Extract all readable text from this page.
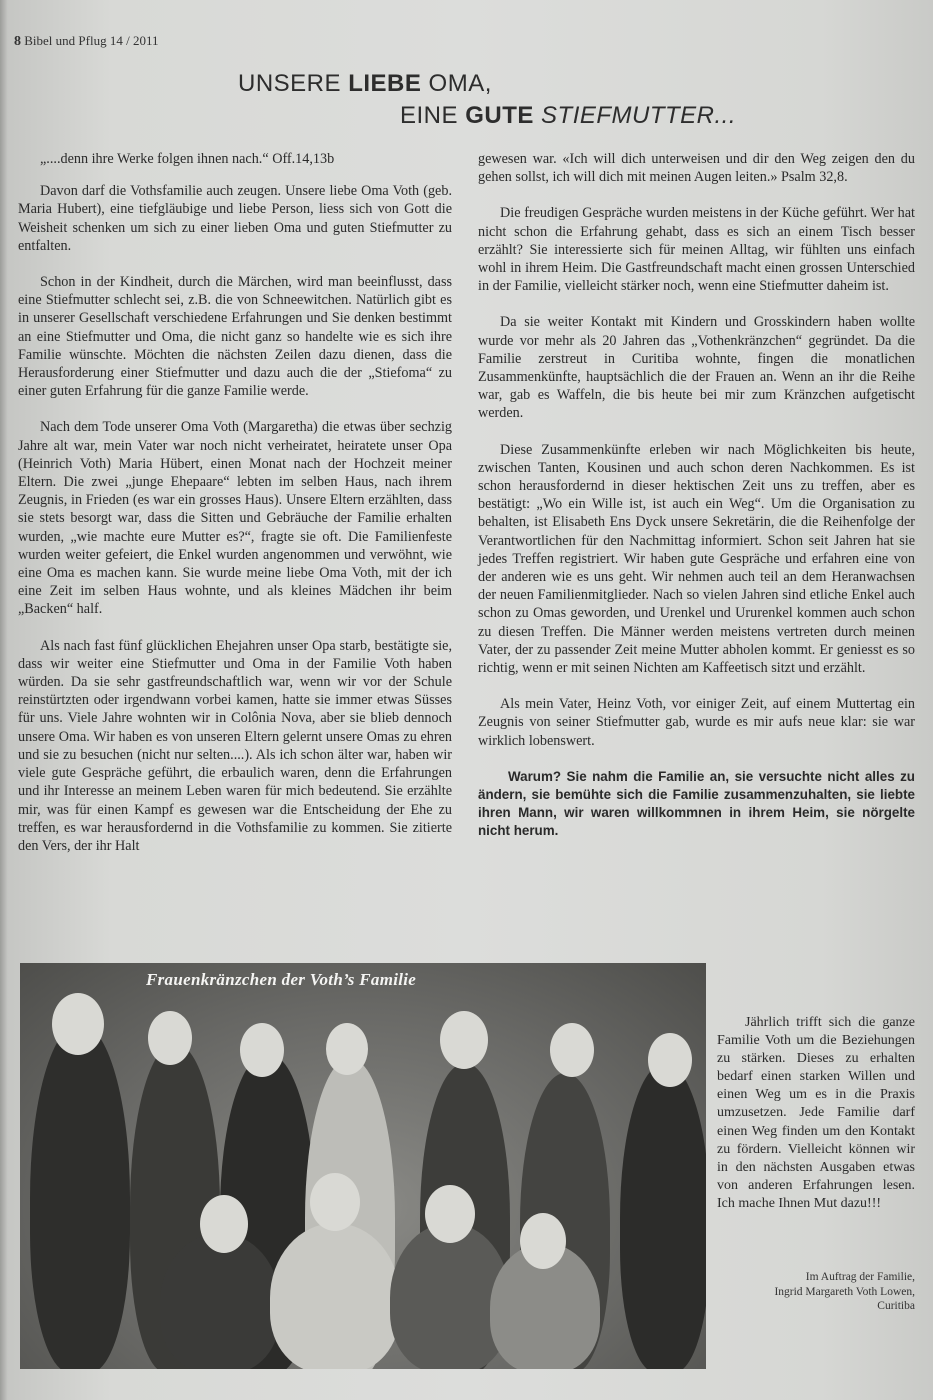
8 Bibel und Pflug 14 / 2011
UNSERE LIEBE OMA,
EINE GUTE STIEFMUTTER...

„....denn ihre Werke folgen ihnen nach.“ Off.14,13b

Davon darf die Vothsfamilie auch zeugen. Unsere liebe Oma Voth (geb. Maria Hubert), eine tiefgläubige und liebe Person, liess sich von Gott die Weisheit schenken um sich zu einer lieben Oma und guten Stiefmutter zu entfalten.

Schon in der Kindheit, durch die Märchen, wird man beeinflusst, dass eine Stiefmutter schlecht sei, z.B. die von Schneewitchen. Natürlich gibt es in unserer Gesellschaft verschiedene Erfahrungen und Sie denken bestimmt an eine Stiefmutter und Oma, die nicht ganz so handelte wie es sich ihre Familie wünschte. Möchten die nächsten Zeilen dazu dienen, dass die Herausforderung einer Stiefmutter und dazu auch die der „Stiefoma“ zu einer guten Erfahrung für die ganze Familie werde.

Nach dem Tode unserer Oma Voth (Margaretha) die etwas über sechzig Jahre alt war, mein Vater war noch nicht verheiratet, heiratete unser Opa (Heinrich Voth) Maria Hübert, einen Monat nach der Hochzeit meiner Eltern. Die zwei „junge Ehepaare“ lebten im selben Haus, nach ihrem Zeugnis, in Frieden (es war ein grosses Haus). Unsere Eltern erzählten, dass sie stets besorgt war, dass die Sitten und Gebräuche der Familie erhalten wurden, „wie machte eure Mutter es?“, fragte sie oft. Die Familienfeste wurden weiter gefeiert, die Enkel wurden angenommen und verwöhnt, wie eine Oma es machen kann. Sie wurde meine liebe Oma Voth, mit der ich eine Zeit im selben Haus wohnte, und als kleines Mädchen ihr beim „Backen“ half.

Als nach fast fünf glücklichen Ehejahren unser Opa starb, bestätigte sie, dass wir weiter eine Stiefmutter und Oma in der Familie Voth haben würden. Da sie sehr gastfreundschaftlich war, wenn wir vor der Schule reinstürtzten oder irgendwann vorbei kamen, hatte sie immer etwas Süsses für uns. Viele Jahre wohnten wir in Colônia Nova, aber sie blieb dennoch unsere Oma. Wir haben es von unseren Eltern gelernt unsere Omas zu ehren und sie zu besuchen (nicht nur selten....). Als ich schon älter war, haben wir viele gute Gespräche geführt, die erbaulich waren, denn die Erfahrungen und ihr Interesse an meinem Leben waren für mich bedeutend. Sie erzählte mir, was für einen Kampf es gewesen war die Entscheidung der Ehe zu treffen, es war herausfordernd in die Vothsfamilie zu kommen. Sie zitierte den Vers, der ihr Halt

gewesen war. «Ich will dich unterweisen und dir den Weg zeigen den du gehen sollst, ich will dich mit meinen Augen leiten.» Psalm 32,8.

Die freudigen Gespräche wurden meistens in der Küche geführt. Wer hat nicht schon die Erfahrung gehabt, dass es sich an einem Tisch besser erzählt? Sie interessierte sich für meinen Alltag, wir fühlten uns einfach wohl in ihrem Heim. Die Gastfreundschaft macht einen grossen Unterschied in der Familie, vielleicht stärker noch, wenn eine Stiefmutter daheim ist.

Da sie weiter Kontakt mit Kindern und Grosskindern haben wollte wurde vor mehr als 20 Jahren das „Vothenkränzchen“ gegründet. Da die Familie zerstreut in Curitiba wohnte, fingen die monatlichen Zusammenkünfte, hauptsächlich die der Frauen an. Wenn an ihr die Reihe war, gab es Waffeln, die bis heute bei mir zum Kränzchen aufgetischt werden.

Diese Zusammenkünfte erleben wir nach Möglichkeiten bis heute, zwischen Tanten, Kousinen und auch schon deren Nachkommen. Es ist schon herausfordernd in dieser hektischen Zeit uns zu treffen, aber es bestätigt: „Wo ein Wille ist, ist auch ein Weg“. Um die Organisation zu behalten, ist Elisabeth Ens Dyck unsere Sekretärin, die die Reihenfolge der Verantwortlichen für den Nachmittag informiert. Schon seit Jahren hat sie jedes Treffen registriert. Wir haben gute Gespräche und erfahren eine von der anderen wie es uns geht. Wir nehmen auch teil an dem Heranwachsen der neuen Familienmitglieder. Nach so vielen Jahren sind etliche Enkel auch schon zu Omas geworden, und Urenkel und Ururenkel kommen auch schon zu diesen Treffen. Die Männer werden meistens vertreten durch meinen Vater, der zu passender Zeit meine Mutter abholen kommt. Er geniesst es so richtig, wenn er mit seinen Nichten am Kaffeetisch sitzt und erzählt.

Als mein Vater, Heinz Voth, vor einiger Zeit, auf einem Muttertag ein Zeugnis von seiner Stiefmutter gab, wurde es mir aufs neue klar: sie war wirklich lobenswert.

Warum? Sie nahm die Familie an, sie versuchte nicht alles zu ändern, sie bemühte sich die Familie zusammenzuhalten, sie liebte ihren Mann, wir waren willkommnen in ihrem Heim, sie nörgelte nicht herum.

Frauenkränzchen der Voth’s Familie

Jährlich trifft sich die ganze Familie Voth um die Beziehungen zu stärken. Dieses zu erhalten bedarf einen starken Willen und einen Weg um es in die Praxis umzusetzen. Jede Familie darf einen Weg finden um den Kontakt zu fördern. Vielleicht können wir in den nächsten Ausgaben etwas von anderen Erfahrungen lesen. Ich mache Ihnen Mut dazu!!!

Im Auftrag der Familie,
Ingrid Margareth Voth Lowen,
Curitiba
